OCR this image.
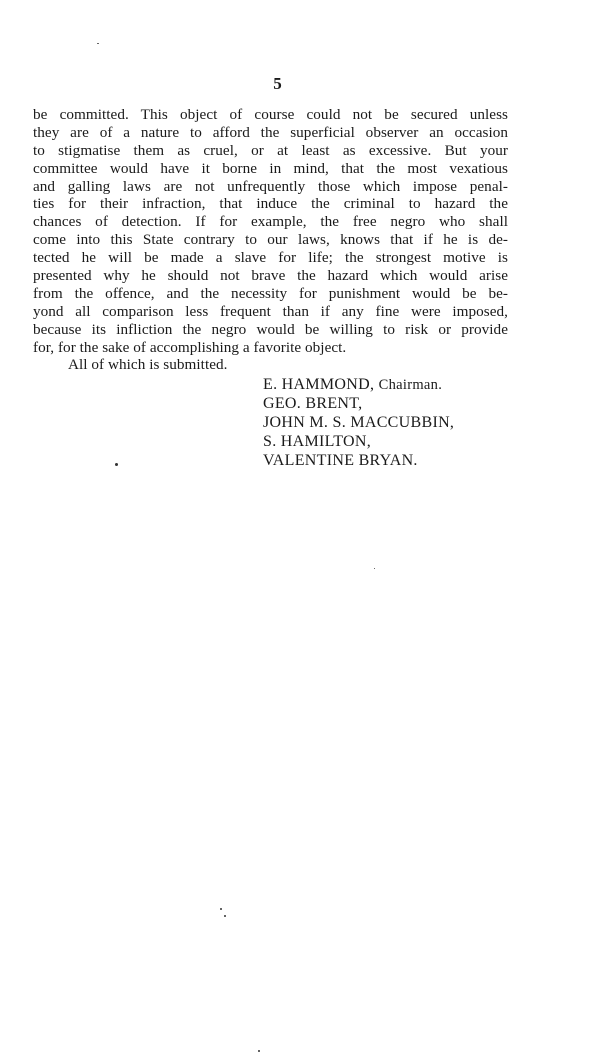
5
be committed. This object of course could not be secured unless
they are of a nature to afford the superficial observer an occasion
to stigmatise them as cruel, or at least as excessive. But your
committee would have it borne in mind, that the most vexatious
and galling laws are not unfrequently those which impose penal-
ties for their infraction, that induce the criminal to hazard the
chances of detection. If for example, the free negro who shall
come into this State contrary to our laws, knows that if he is de-
tected he will be made a slave for life; the strongest motive is
presented why he should not brave the hazard which would arise
from the offence, and the necessity for punishment would be be-
yond all comparison less frequent than if any fine were imposed,
because its infliction the negro would be willing to risk or provide
for, for the sake of accomplishing a favorite object.
All of which is submitted.
E. HAMMOND, Chairman.
GEO. BRENT,
JOHN M. S. MACCUBBIN,
S. HAMILTON,
VALENTINE BRYAN.
